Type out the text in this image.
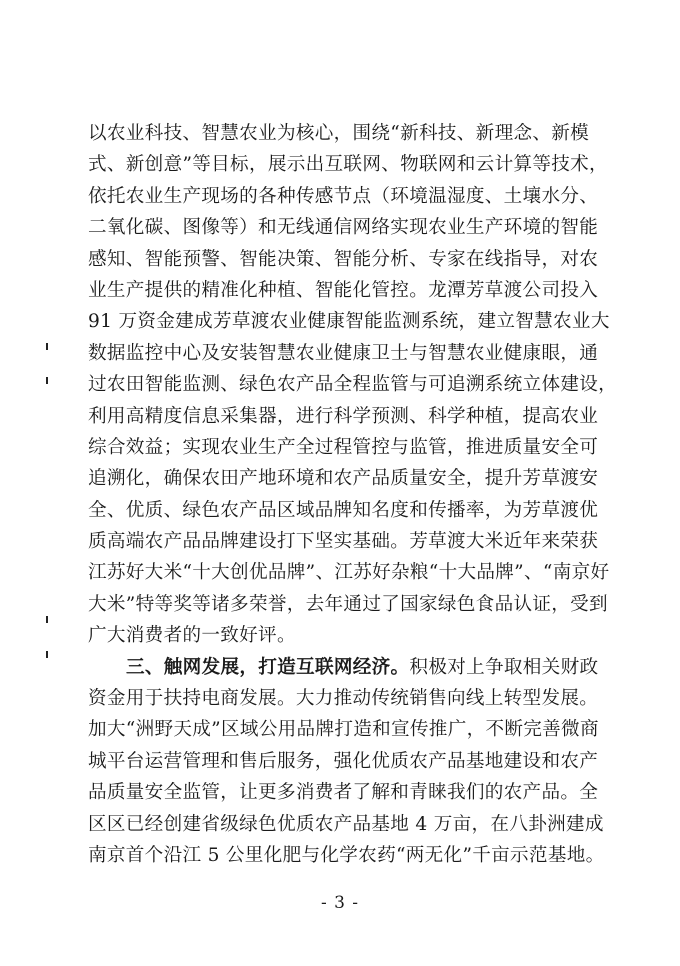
以农业科技、智慧农业为核心，围绕“新科技、新理念、新模
式、新创意”等目标，展示出互联网、物联网和云计算等技术，
依托农业生产现场的各种传感节点（环境温湿度、土壤水分、
二氧化碳、图像等）和无线通信网络实现农业生产环境的智能
感知、智能预警、智能决策、智能分析、专家在线指导，对农
业生产提供的精准化种植、智能化管控。龙潭芳草渡公司投入
91 万资金建成芳草渡农业健康智能监测系统，建立智慧农业大
数据监控中心及安装智慧农业健康卫士与智慧农业健康眼，通
过农田智能监测、绿色农产品全程监管与可追溯系统立体建设，
利用高精度信息采集器，进行科学预测、科学种植，提高农业
综合效益；实现农业生产全过程管控与监管，推进质量安全可
追溯化，确保农田产地环境和农产品质量安全，提升芳草渡安
全、优质、绿色农产品区域品牌知名度和传播率，为芳草渡优
质高端农产品品牌建设打下坚实基础。芳草渡大米近年来荣获
江苏好大米“十大创优品牌”、江苏好杂粮“十大品牌”、“南京好
大米”特等奖等诸多荣誉，去年通过了国家绿色食品认证，受到
广大消费者的一致好评。
三、触网发展，打造互联网经济。积极对上争取相关财政
资金用于扶持电商发展。大力推动传统销售向线上转型发展。
加大“洲野天成”区域公用品牌打造和宣传推广，不断完善微商
城平台运营管理和售后服务，强化优质农产品基地建设和农产
品质量安全监管，让更多消费者了解和青睐我们的农产品。全
区区已经创建省级绿色优质农产品基地 4 万亩，在八卦洲建成
南京首个沿江 5 公里化肥与化学农药“两无化”千亩示范基地。
- 3 -
